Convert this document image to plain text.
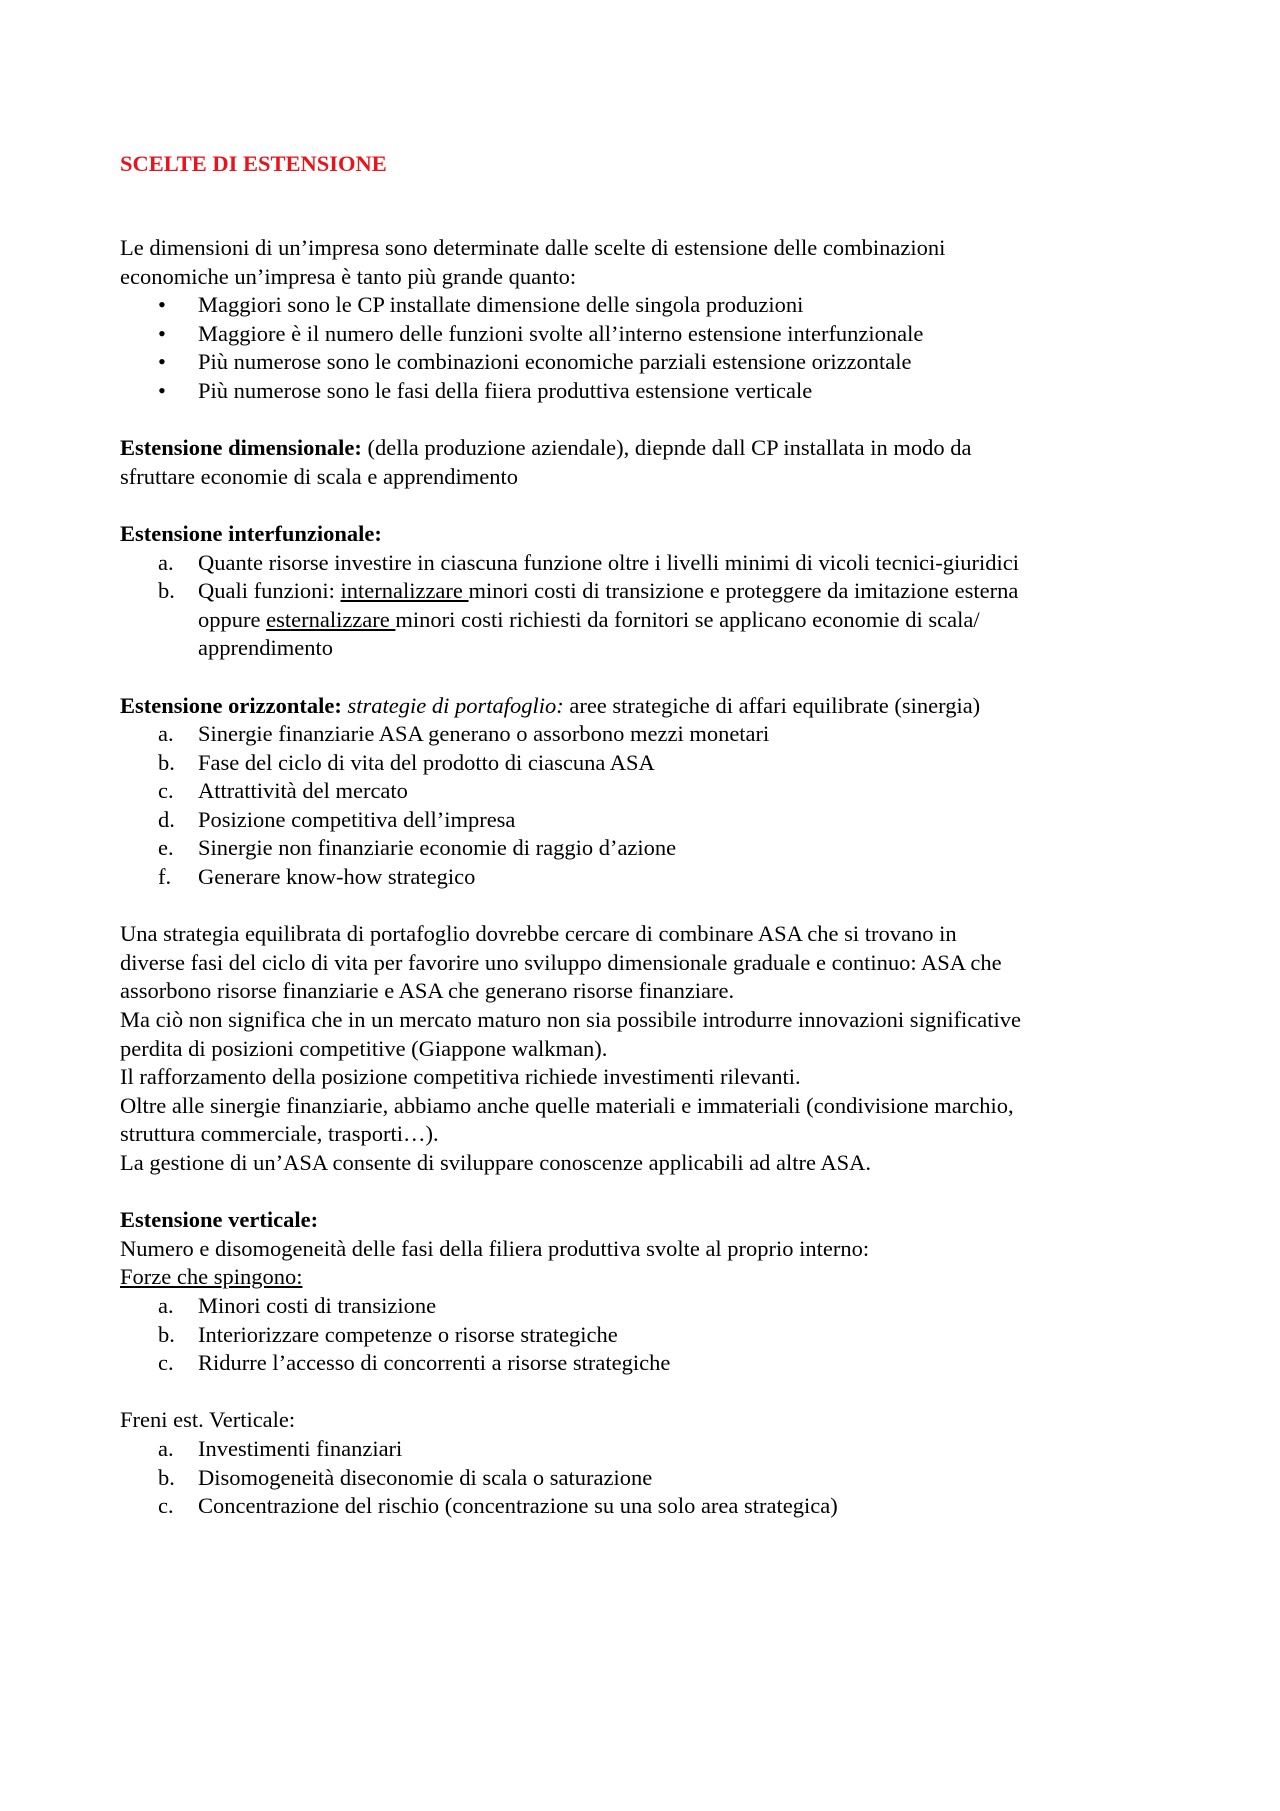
SCELTE DI ESTENSIONE

Le dimensioni di un’impresa sono determinate dalle scelte di estensione delle combinazioni

economiche un’impresa è tanto più grande quanto:

• Maggiori sono le CP installate dimensione delle singola produzioni
• Maggiore è il numero delle funzioni svolte all’interno estensione interfunzionale
• Più numerose sono le combinazioni economiche parziali estensione orizzontale
• Più numerose sono le fasi della fiiera produttiva estensione verticale

Estensione dimensionale: (della produzione aziendale), diepnde dall CP installata in modo da

sfruttare economie di scala e apprendimento

Estensione interfunzionale:

a. Quante risorse investire in ciascuna funzione oltre i livelli minimi di vicoli tecnici-giuridici
b. Quali funzioni: internalizzare minori costi di transizione e proteggere da imitazione esterna
oppure esternalizzare minori costi richiesti da fornitori se applicano economie di scala/
apprendimento

Estensione orizzontale: strategie di portafoglio: aree strategiche di affari equilibrate (sinergia)

a. Sinergie finanziarie ASA generano o assorbono mezzi monetari
b. Fase del ciclo di vita del prodotto di ciascuna ASA
c. Attrattività del mercato
d. Posizione competitiva dell’impresa
e. Sinergie non finanziarie economie di raggio d’azione
f.	Generare know-how strategico

Una strategia equilibrata di portafoglio dovrebbe cercare di combinare ASA che si trovano in

diverse fasi del ciclo di vita per favorire uno sviluppo dimensionale graduale e continuo: ASA che

assorbono risorse finanziarie e ASA che generano risorse finanziare.

Ma ciò non significa che in un mercato maturo non sia possibile introdurre innovazioni significative

perdita di posizioni competitive (Giappone walkman).

Il rafforzamento della posizione competitiva richiede investimenti rilevanti.

Oltre alle sinergie finanziarie, abbiamo anche quelle materiali e immateriali (condivisione marchio,

struttura commerciale, trasporti…).

La gestione di un’ASA consente di sviluppare conoscenze applicabili ad altre ASA.

Estensione verticale:

Numero e disomogeneità delle fasi della filiera produttiva svolte al proprio interno:

Forze che spingono:

a. Minori costi di transizione
b. Interiorizzare competenze o risorse strategiche
c. Ridurre l’accesso di concorrenti a risorse strategiche

Freni est. Verticale:

a. Investimenti finanziari
b. Disomogeneità diseconomie di scala o saturazione
c. Concentrazione del rischio (concentrazione su una solo area strategica)
